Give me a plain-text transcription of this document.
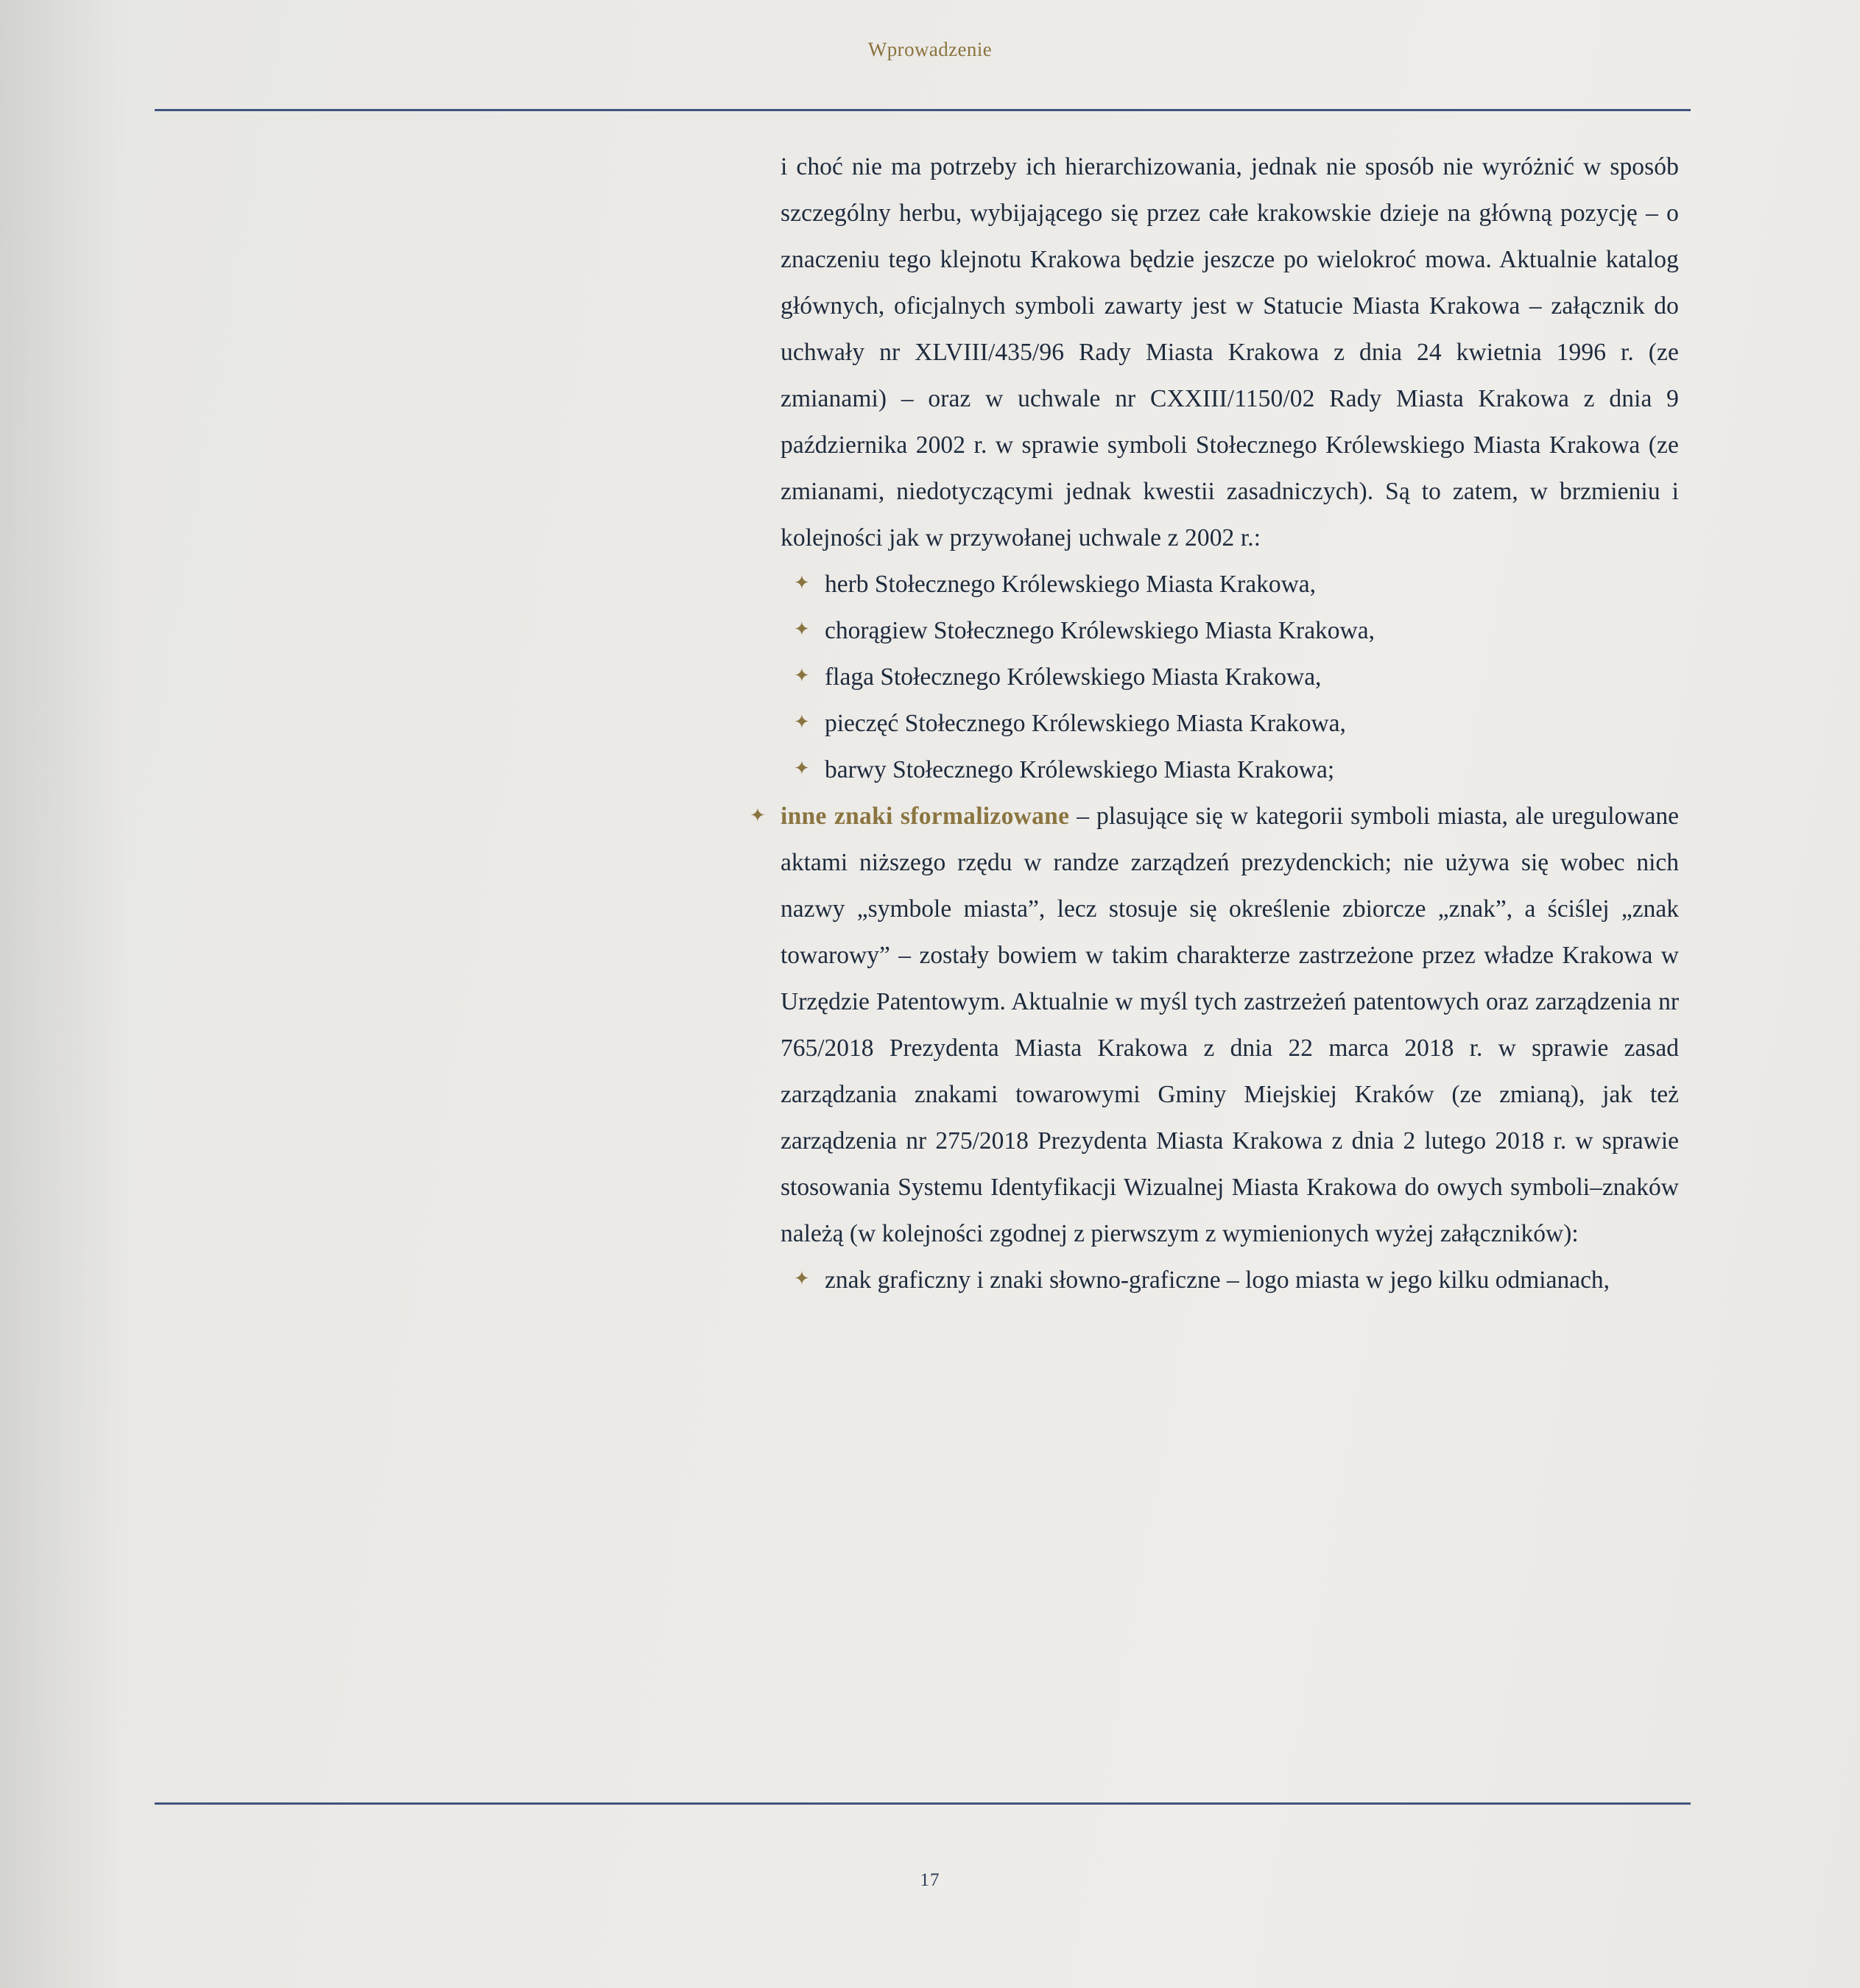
Wprowadzenie

i choć nie ma potrzeby ich hierarchizowania, jednak nie sposób nie wyróżnić w sposób szczególny herbu, wybijającego się przez całe krakowskie dzieje na główną pozycję – o znaczeniu tego klejnotu Krakowa będzie jeszcze po wielokroć mowa. Aktualnie katalog głównych, oficjalnych symboli zawarty jest w Statucie Miasta Krakowa – załącznik do uchwały nr XLVIII/435/96 Rady Miasta Krakowa z dnia 24 kwietnia 1996 r. (ze zmianami) – oraz w uchwale nr CXXIII/1150/02 Rady Miasta Krakowa z dnia 9 października 2002 r. w sprawie symboli Stołecznego Królewskiego Miasta Krakowa (ze zmianami, niedotyczącymi jednak kwestii zasadniczych). Są to zatem, w brzmieniu i kolejności jak w przywołanej uchwale z 2002 r.:

✦ herb Stołecznego Królewskiego Miasta Krakowa,
✦ chorągiew Stołecznego Królewskiego Miasta Krakowa,
✦ flaga Stołecznego Królewskiego Miasta Krakowa,
✦ pieczęć Stołecznego Królewskiego Miasta Krakowa,
✦ barwy Stołecznego Królewskiego Miasta Krakowa;
✦ inne znaki sformalizowane – plasujące się w kategorii symboli miasta, ale uregulowane aktami niższego rzędu w randze zarządzeń prezydenckich; nie używa się wobec nich nazwy „symbole miasta”, lecz stosuje się określenie zbiorcze „znak”, a ściślej „znak towarowy” – zostały bowiem w takim charakterze zastrzeżone przez władze Krakowa w Urzędzie Patentowym. Aktualnie w myśl tych zastrzeżeń patentowych oraz zarządzenia nr 765/2018 Prezydenta Miasta Krakowa z dnia 22 marca 2018 r. w sprawie zasad zarządzania znakami towarowymi Gminy Miejskiej Kraków (ze zmianą), jak też zarządzenia nr 275/2018 Prezydenta Miasta Krakowa z dnia 2 lutego 2018 r. w sprawie stosowania Systemu Identyfikacji Wizualnej Miasta Krakowa do owych symboli–znaków należą (w kolejności zgodnej z pierwszym z wymienionych wyżej załączników):

✦ znak graficzny i znaki słowno-graficzne – logo miasta w jego kilku odmianach,
17
